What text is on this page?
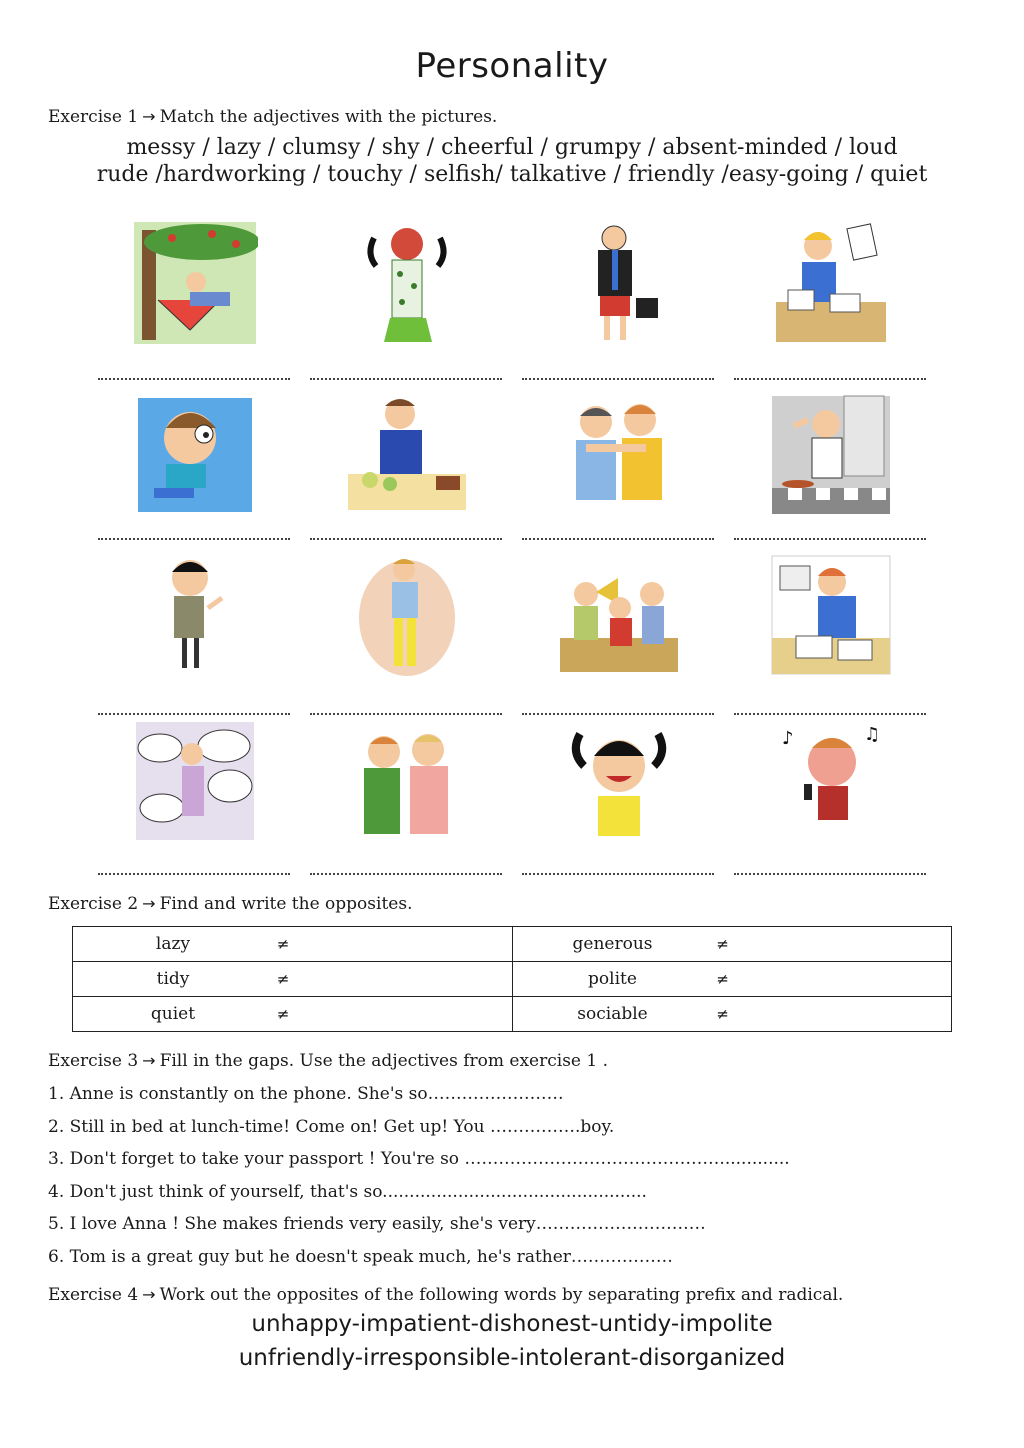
Personality
Exercise 1 → Match the adjectives with the pictures.
messy / lazy / clumsy / shy / cheerful / grumpy / absent-minded / loud
rude /hardworking / touchy / selfish/ talkative / friendly /easy-going / quiet
♪	♫
Exercise 2 → Find and write the opposites.
lazy ≠	generous ≠

tidy ≠	polite ≠

quiet ≠	sociable ≠
Exercise 3 → Fill in the gaps. Use the adjectives from exercise 1 .
1. Anne is constantly on the phone. She's so……………………
2. Still in bed at lunch-time! Come on! Get up! You …………….boy.
3. Don't forget to take your passport ! You're so ……………………………………….............
4. Don't just think of yourself, that's so.................................................
5. I love Anna ! She makes friends very easily, she's very…………………………
6. Tom is a great guy but he doesn't speak much, he's rather………………
Exercise 4 → Work out the opposites of the following words by separating prefix and radical.
unhappy-impatient-dishonest-untidy-impolite
unfriendly-irresponsible-intolerant-disorganized
